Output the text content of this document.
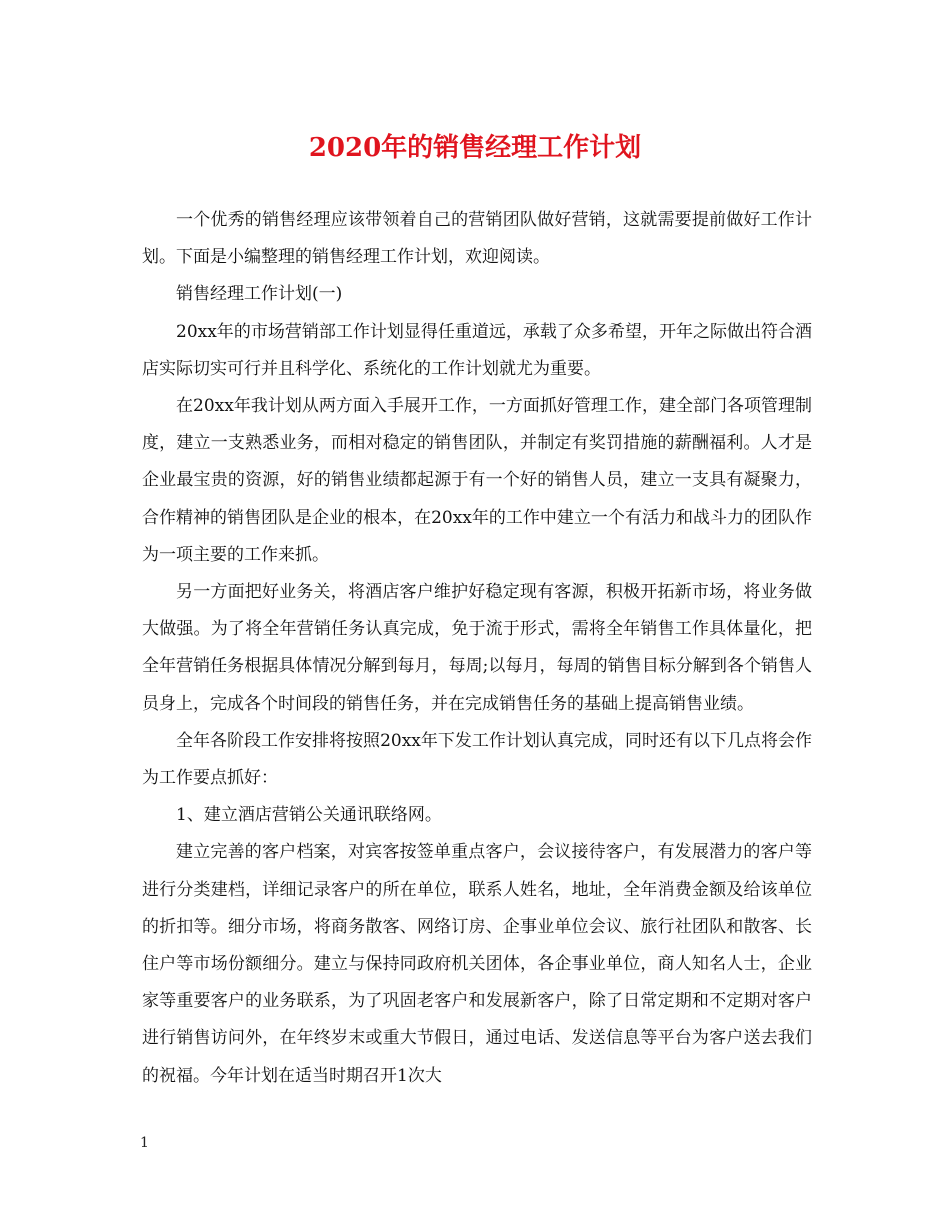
2020年的销售经理工作计划

一个优秀的销售经理应该带领着自己的营销团队做好营销，这就需要提前做好工作计划。下面是小编整理的销售经理工作计划，欢迎阅读。

销售经理工作计划(一)

20xx年的市场营销部工作计划显得任重道远，承载了众多希望，开年之际做出符合酒店实际切实可行并且科学化、系统化的工作计划就尤为重要。

在20xx年我计划从两方面入手展开工作，一方面抓好管理工作，建全部门各项管理制度，建立一支熟悉业务，而相对稳定的销售团队，并制定有奖罚措施的薪酬福利。人才是企业最宝贵的资源，好的销售业绩都起源于有一个好的销售人员，建立一支具有凝聚力，合作精神的销售团队是企业的根本，在20xx年的工作中建立一个有活力和战斗力的团队作为一项主要的工作来抓。

另一方面把好业务关，将酒店客户维护好稳定现有客源，积极开拓新市场，将业务做大做强。为了将全年营销任务认真完成，免于流于形式，需将全年销售工作具体量化，把全年营销任务根据具体情况分解到每月，每周;以每月，每周的销售目标分解到各个销售人员身上，完成各个时间段的销售任务，并在完成销售任务的基础上提高销售业绩。

全年各阶段工作安排将按照20xx年下发工作计划认真完成，同时还有以下几点将会作为工作要点抓好：

1、建立酒店营销公关通讯联络网。

建立完善的客户档案，对宾客按签单重点客户，会议接待客户，有发展潜力的客户等进行分类建档，详细记录客户的所在单位，联系人姓名，地址，全年消费金额及给该单位的折扣等。细分市场，将商务散客、网络订房、企事业单位会议、旅行社团队和散客、长住户等市场份额细分。建立与保持同政府机关团体，各企事业单位，商人知名人士，企业家等重要客户的业务联系，为了巩固老客户和发展新客户，除了日常定期和不定期对客户进行销售访问外，在年终岁末或重大节假日，通过电话、发送信息等平台为客户送去我们的祝福。今年计划在适当时期召开1次大

1
